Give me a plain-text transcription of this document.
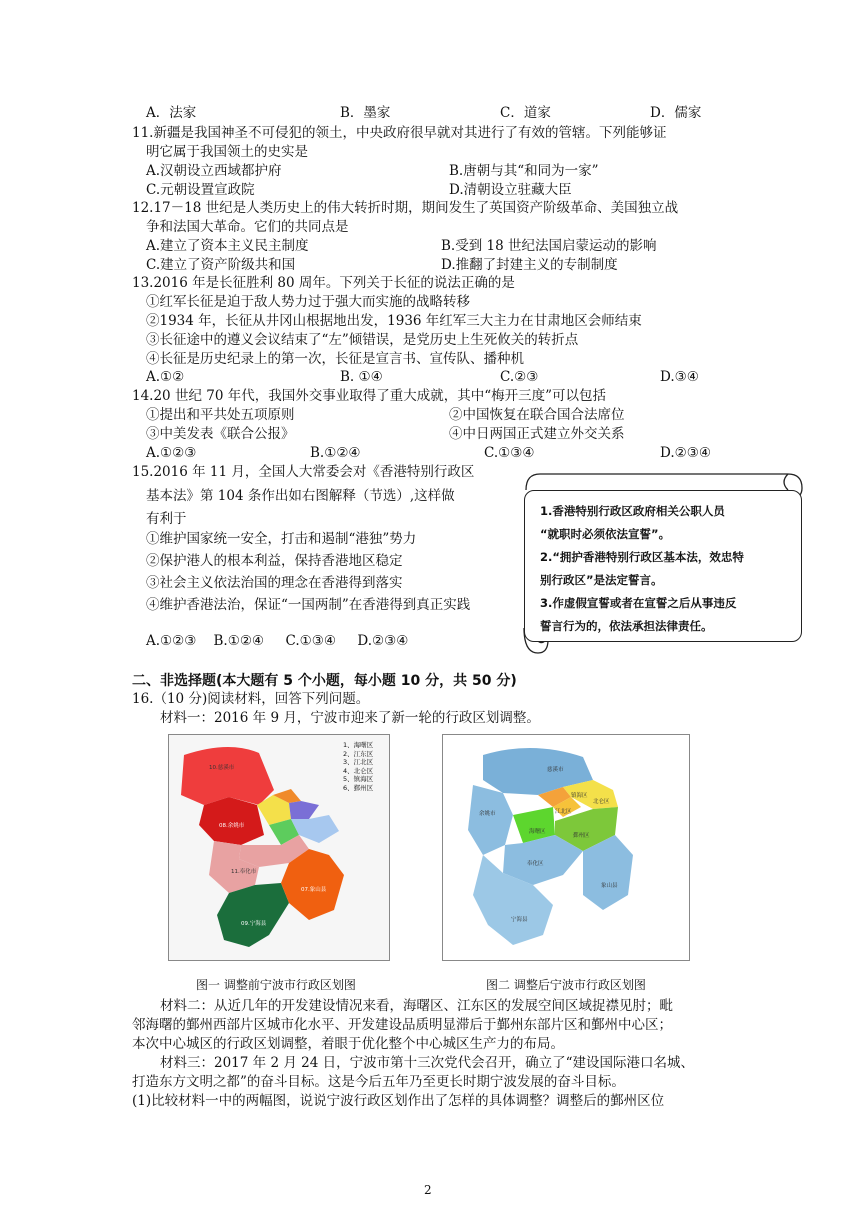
A．法家	B．墨家	C．道家	D．儒家
11.新疆是我国神圣不可侵犯的领土，中央政府很早就对其进行了有效的管辖。下列能够证
明它属于我国领土的史实是
A.汉朝设立西域都护府	B.唐朝与其“和同为一家”
C.元朝设置宣政院	D.清朝设立驻藏大臣
12.17－18 世纪是人类历史上的伟大转折时期，期间发生了英国资产阶级革命、美国独立战
争和法国大革命。它们的共同点是
A.建立了资本主义民主制度	B.受到 18 世纪法国启蒙运动的影响
C.建立了资产阶级共和国	D.推翻了封建主义的专制制度
13.2016 年是长征胜利 80 周年。下列关于长征的说法正确的是
①红军长征是迫于敌人势力过于强大而实施的战略转移
②1934 年，长征从井冈山根据地出发，1936 年红军三大主力在甘肃地区会师结束
③长征途中的遵义会议结束了“左”倾错误，是党历史上生死攸关的转折点
④长征是历史纪录上的第一次，长征是宣言书、宣传队、播种机
A.①②	B. ①④	C.②③	D.③④
14.20 世纪 70 年代，我国外交事业取得了重大成就，其中“梅开三度”可以包括
①提出和平共处五项原则	②中国恢复在联合国合法席位
③中美发表《联合公报》	④中日两国正式建立外交关系
A.①②③	B.①②④	C.①③④	D.②③④
15.2016 年 11 月，全国人大常委会对《香港特别行政区
基本法》第 104 条作出如右图解释（节选）,这样做
有利于
①维护国家统一安全，打击和遏制“港独”势力
②保护港人的根本利益，保持香港地区稳定
③社会主义依法治国的理念在香港得到落实
④维护香港法治，保证“一国两制”在香港得到真正实践
A.①②③    B.①②④     C.①③④     D.②③④
1.香港特别行政区政府相关公职人员
“就职时必须依法宣誓”。
2.“拥护香港特别行政区基本法，效忠特
别行政区”是法定誓言。
3.作虚假宣誓或者在宣誓之后从事违反
誓言行为的，依法承担法律责任。
二、非选择题(本大题有 5 个小题，每小题 10 分，共 50 分)
16.（10 分)阅读材料，回答下列问题。
材料一：2016 年 9 月，宁波市迎来了新一轮的行政区划调整。
1、海曙区
2、江东区
3、江北区
4、北仑区
5、镇海区
6、鄞州区
10.慈溪市
08.余姚市
11.奉化市
09.宁海县
07.象山县
慈溪市
余姚市
镇海区
江北区
北仑区
海曙区
鄞州区
奉化区
象山县
宁海县
图一 调整前宁波市行政区划图	图二 调整后宁波市行政区划图
材料二：从近几年的开发建设情况来看，海曙区、江东区的发展空间区域捉襟见肘；毗
邻海曙的鄞州西部片区城市化水平、开发建设品质明显滞后于鄞州东部片区和鄞州中心区；
本次中心城区的行政区划调整，着眼于优化整个中心城区生产力的布局。
材料三：2017 年 2 月 24 日，宁波市第十三次党代会召开，确立了“建设国际港口名城、
打造东方文明之都”的奋斗目标。这是今后五年乃至更长时期宁波发展的奋斗目标。
(1)比较材料一中的两幅图，说说宁波行政区划作出了怎样的具体调整？调整后的鄞州区位
2
